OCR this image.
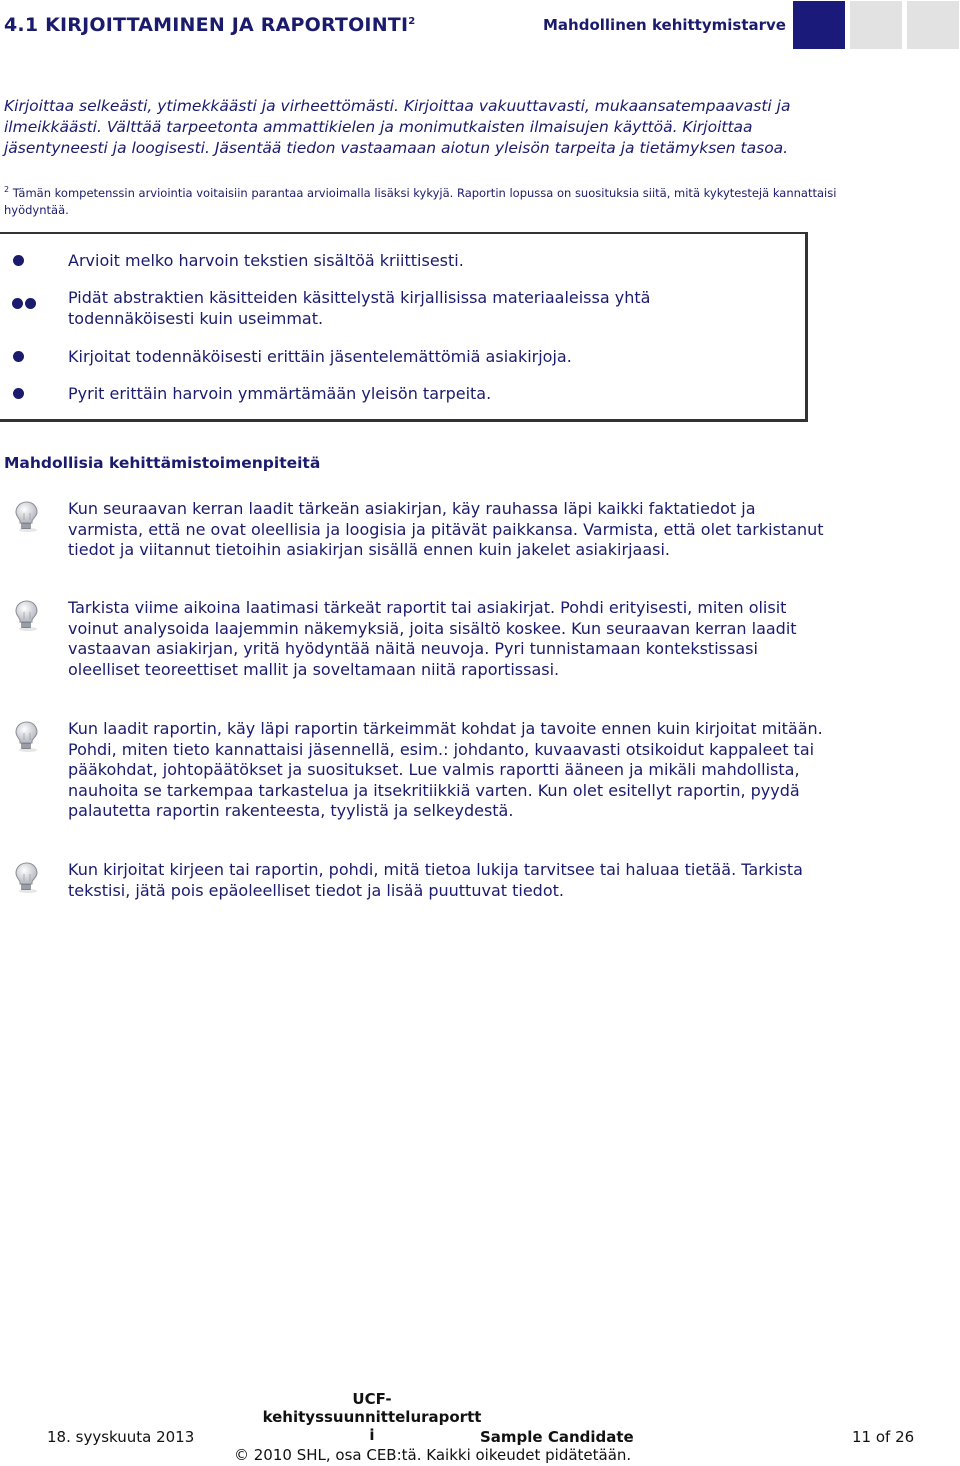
4.1 KIRJOITTAMINEN JA RAPORTOINTI$^2$	Mahdollinen kehittymistarve
Kirjoittaa selkeästi, ytimekkäästi ja virheettömästi. Kirjoittaa vakuuttavasti, mukaansatempaavasti ja ilmeikkäästi. Välttää tarpeetonta ammattikielen ja monimutkaisten ilmaisujen käyttöä. Kirjoittaa jäsentyneesti ja loogisesti. Jäsentää tiedon vastaamaan aiotun yleisön tarpeita ja tietämyksen tasoa.
$^2$ Tämän kompetenssin arviointia voitaisiin parantaa arvioimalla lisäksi kykyjä. Raportin lopussa on suosituksia siitä, mitä kykytestejä kannattaisi hyödyntää.
Arvioit melko harvoin tekstien sisältöä kriittisesti.
Pidät abstraktien käsitteiden käsittelystä kirjallisissa materiaaleissa yhtä todennäköisesti kuin useimmat.
Kirjoitat todennäköisesti erittäin jäsentelemättömiä asiakirjoja.
Pyrit erittäin harvoin ymmärtämään yleisön tarpeita.
Mahdollisia kehittämistoimenpiteitä
Kun seuraavan kerran laadit tärkeän asiakirjan, käy rauhassa läpi kaikki faktatiedot ja varmista, että ne ovat oleellisia ja loogisia ja pitävät paikkansa. Varmista, että olet tarkistanut tiedot ja viitannut tietoihin asiakirjan sisällä ennen kuin jakelet asiakirjaasi.
Tarkista viime aikoina laatimasi tärkeät raportit tai asiakirjat. Pohdi erityisesti, miten olisit voinut analysoida laajemmin näkemyksiä, joita sisältö koskee. Kun seuraavan kerran laadit vastaavan asiakirjan, yritä hyödyntää näitä neuvoja. Pyri tunnistamaan kontekstissasi oleelliset teoreettiset mallit ja soveltamaan niitä raportissasi.
Kun laadit raportin, käy läpi raportin tärkeimmät kohdat ja tavoite ennen kuin kirjoitat mitään. Pohdi, miten tieto kannattaisi jäsennellä, esim.: johdanto, kuvaavasti otsikoidut kappaleet tai pääkohdat, johtopäätökset ja suositukset. Lue valmis raportti ääneen ja mikäli mahdollista, nauhoita se tarkempaa tarkastelua ja itsekritiikkiä varten. Kun olet esitellyt raportin, pyydä palautetta raportin rakenteesta, tyylistä ja selkeydestä.
Kun kirjoitat kirjeen tai raportin, pohdi, mitä tietoa lukija tarvitsee tai haluaa tietää. Tarkista tekstisi, jätä pois epäoleelliset tiedot ja lisää puuttuvat tiedot.
18. syyskuuta 2013
UCF-
kehityssuunnitteluraportt
i	Sample Candidate	11 of 26
© 2010 SHL, osa CEB:tä. Kaikki oikeudet pidätetään.
